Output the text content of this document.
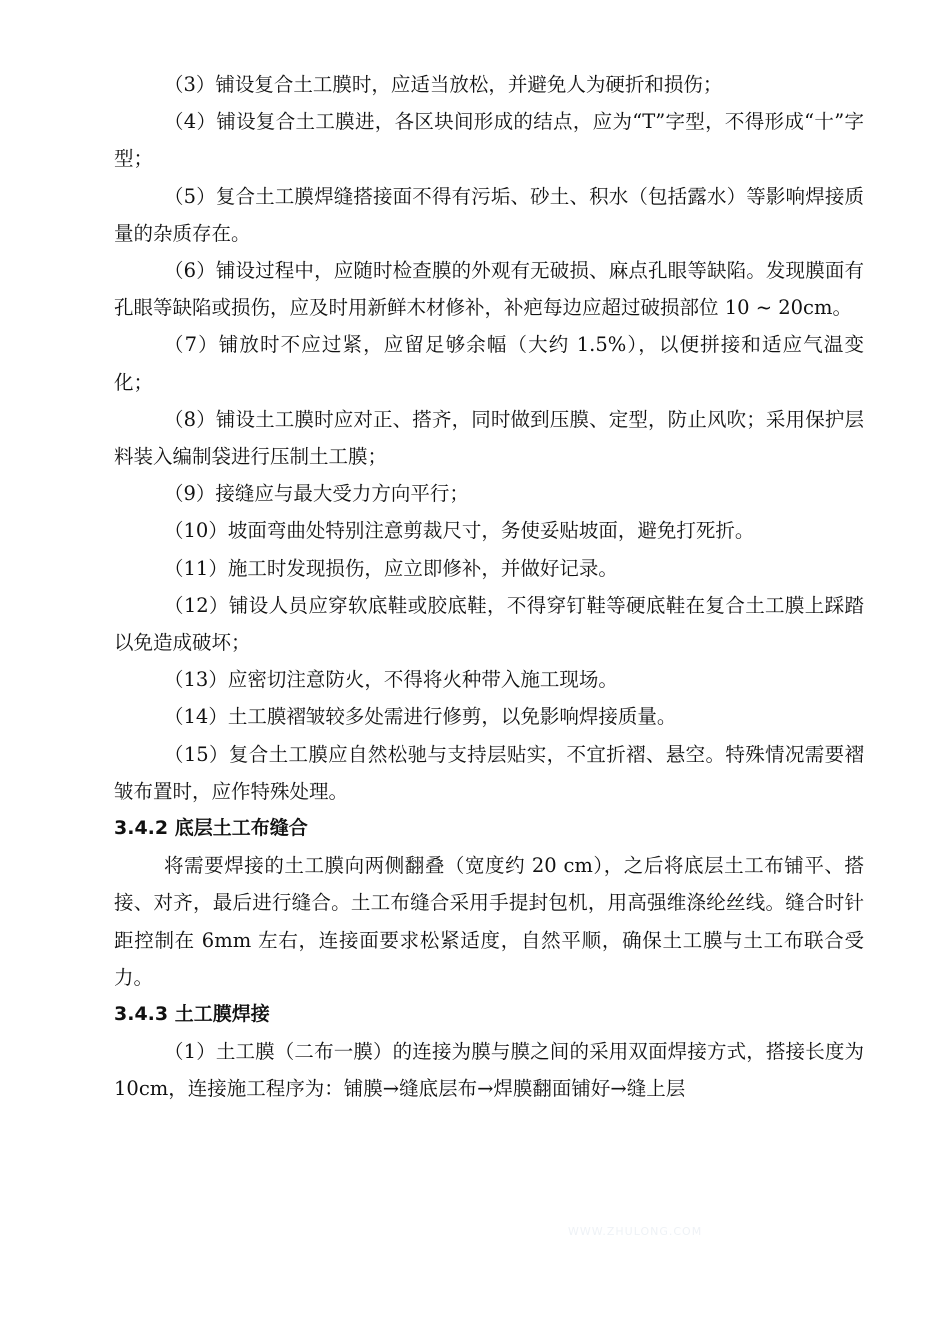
（3）铺设复合土工膜时，应适当放松，并避免人为硬折和损伤；

（4）铺设复合土工膜进，各区块间形成的结点，应为“T”字型，不得形成“十”字型；

（5）复合土工膜焊缝搭接面不得有污垢、砂土、积水（包括露水）等影响焊接质量的杂质存在。

（6）铺设过程中，应随时检查膜的外观有无破损、麻点孔眼等缺陷。发现膜面有孔眼等缺陷或损伤，应及时用新鲜木材修补，补疤每边应超过破损部位 10 ~ 20cm。

（7）铺放时不应过紧，应留足够余幅（大约 1.5%），以便拼接和适应气温变化；

（8）铺设土工膜时应对正、搭齐，同时做到压膜、定型，防止风吹；采用保护层料装入编制袋进行压制土工膜；

（9）接缝应与最大受力方向平行；

（10）坡面弯曲处特别注意剪裁尺寸，务使妥贴坡面，避免打死折。

（11）施工时发现损伤，应立即修补，并做好记录。

（12）铺设人员应穿软底鞋或胶底鞋，不得穿钉鞋等硬底鞋在复合土工膜上踩踏以免造成破坏；

（13）应密切注意防火，不得将火种带入施工现场。

（14）土工膜褶皱较多处需进行修剪，以免影响焊接质量。

（15）复合土工膜应自然松驰与支持层贴实，不宜折褶、悬空。特殊情况需要褶皱布置时，应作特殊处理。

3.4.2 底层土工布缝合

将需要焊接的土工膜向两侧翻叠（宽度约 20 cm），之后将底层土工布铺平、搭接、对齐，最后进行缝合。土工布缝合采用手提封包机，用高强维涤纶丝线。缝合时针距控制在 6mm 左右，连接面要求松紧适度，自然平顺，确保土工膜与土工布联合受力。

3.4.3 土工膜焊接

（1）土工膜（二布一膜）的连接为膜与膜之间的采用双面焊接方式，搭接长度为 10cm，连接施工程序为：铺膜→缝底层布→焊膜翻面铺好→缝上层

WWW.ZHULONG.COM
